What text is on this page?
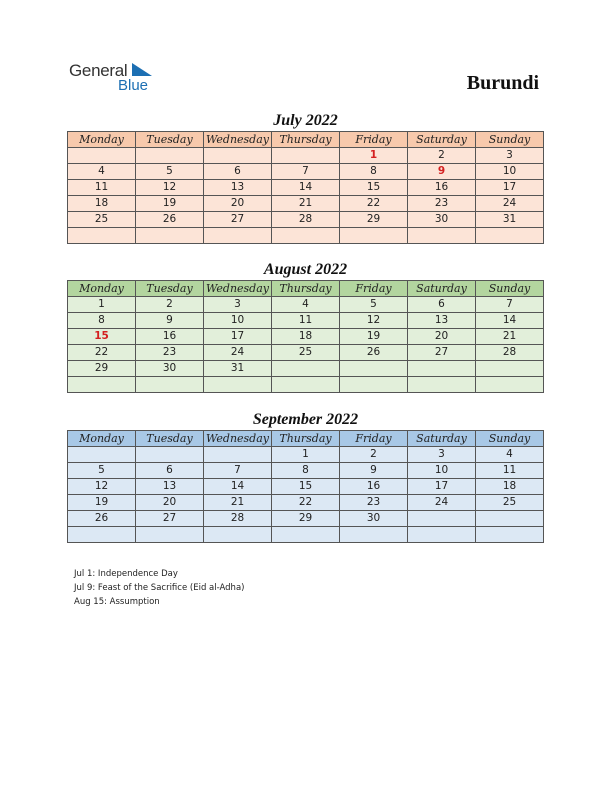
General
Blue	Burundi
July 2022
Monday	Tuesday	Wednesday	Thursday	Friday	Saturday	Sunday
				1	2	3
4	5	6	7	8	9	10
11	12	13	14	15	16	17
18	19	20	21	22	23	24
25	26	27	28	29	30	31

August 2022
Monday	Tuesday	Wednesday	Thursday	Friday	Saturday	Sunday
1	2	3	4	5	6	7
8	9	10	11	12	13	14
15	16	17	18	19	20	21
22	23	24	25	26	27	28
29	30	31				

September 2022
Monday	Tuesday	Wednesday	Thursday	Friday	Saturday	Sunday
			1	2	3	4
5	6	7	8	9	10	11
12	13	14	15	16	17	18
19	20	21	22	23	24	25
26	27	28	29	30		

Jul 1: Independence Day
Jul 9: Feast of the Sacrifice (Eid al-Adha)
Aug 15: Assumption
